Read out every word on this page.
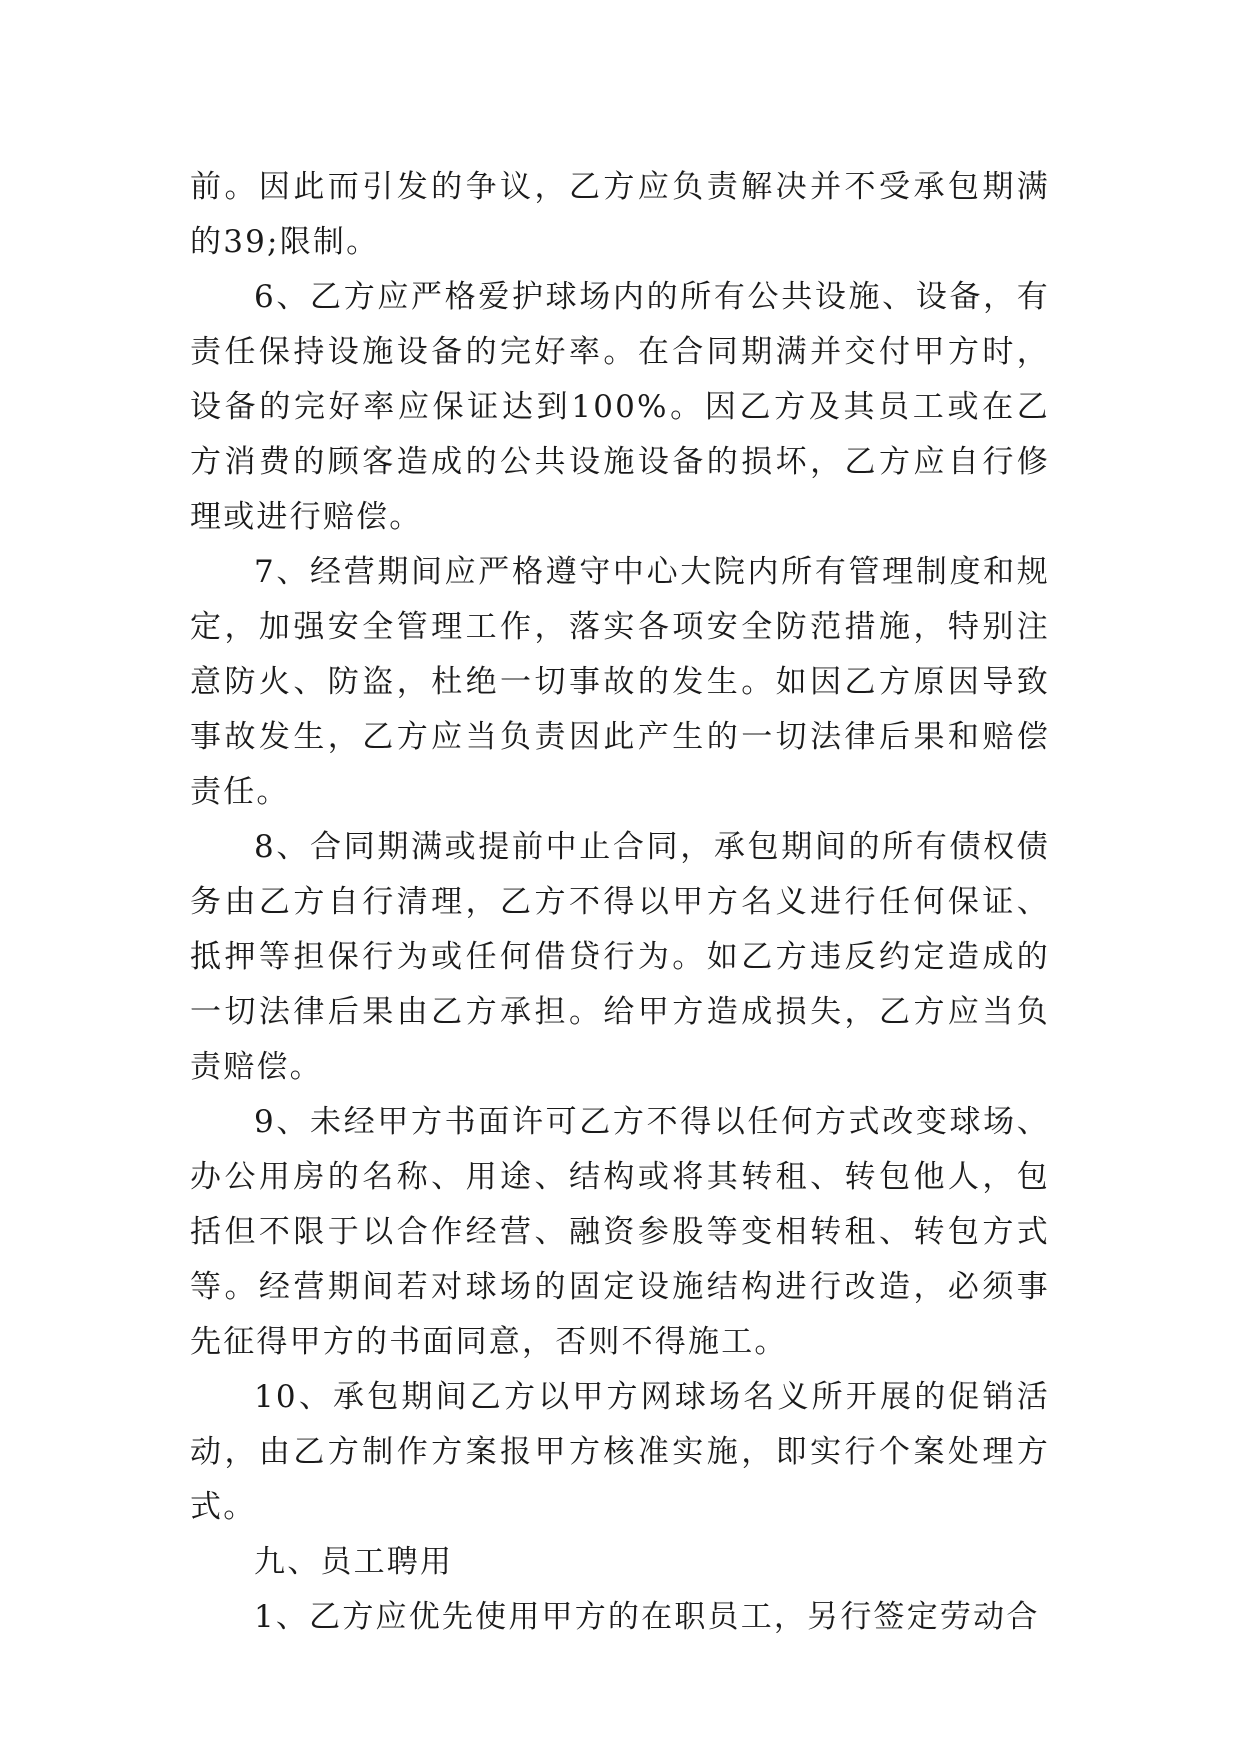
前。因此而引发的争议，乙方应负责解决并不受承包期满的39;限制。

6、乙方应严格爱护球场内的所有公共设施、设备，有责任保持设施设备的完好率。在合同期满并交付甲方时，设备的完好率应保证达到100%。因乙方及其员工或在乙方消费的顾客造成的公共设施设备的损坏，乙方应自行修理或进行赔偿。

7、经营期间应严格遵守中心大院内所有管理制度和规定，加强安全管理工作，落实各项安全防范措施，特别注意防火、防盗，杜绝一切事故的发生。如因乙方原因导致事故发生，乙方应当负责因此产生的一切法律后果和赔偿责任。

8、合同期满或提前中止合同，承包期间的所有债权债务由乙方自行清理，乙方不得以甲方名义进行任何保证、抵押等担保行为或任何借贷行为。如乙方违反约定造成的一切法律后果由乙方承担。给甲方造成损失，乙方应当负责赔偿。

9、未经甲方书面许可乙方不得以任何方式改变球场、办公用房的名称、用途、结构或将其转租、转包他人，包括但不限于以合作经营、融资参股等变相转租、转包方式等。经营期间若对球场的固定设施结构进行改造，必须事先征得甲方的书面同意，否则不得施工。

10、承包期间乙方以甲方网球场名义所开展的促销活动，由乙方制作方案报甲方核准实施，即实行个案处理方式。

九、员工聘用

1、乙方应优先使用甲方的在职员工，另行签定劳动合
